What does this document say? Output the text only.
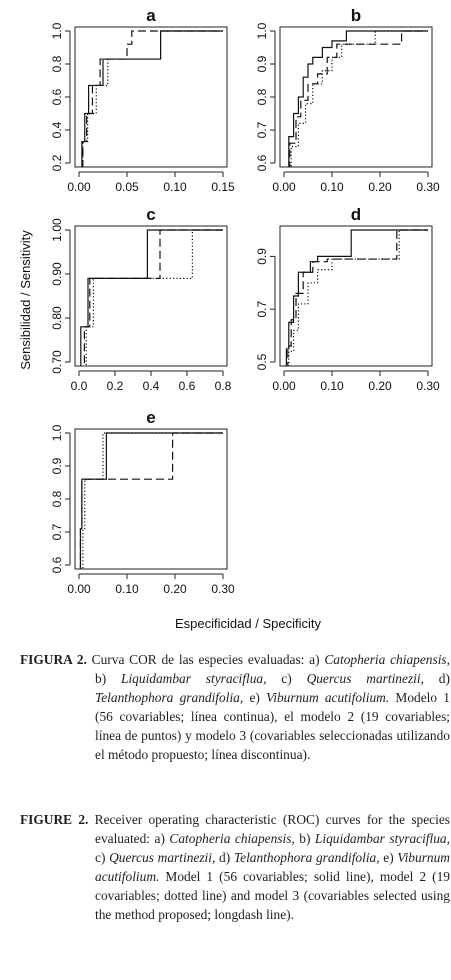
a
0.00 0.05 0.10 0.15
0.2
0.4
0.6
0.8
1.0
b
0.00 0.10 0.20 0.30
0.6
0.7
0.8
0.9
1.0
c
0.0 0.2 0.4 0.6 0.8
0.70
0.80
0.90
1.00
d
0.00 0.10 0.20 0.30
0.5
0.7
0.9
e
0.00 0.10 0.20 0.30
0.6
0.7
0.8
0.9
1.0
Sensibilidad / Sensitivity
Especificidad / Specificity

FIGURA 2. Curva COR de las especies evaluadas: a) Catopheria chiapensis, b) Liquidambar styraciflua, c) Quercus martinezii, d) Telanthophora grandifolia, e) Viburnum acutifolium. Modelo 1 (56 covariables; línea continua), el modelo 2 (19 covariables; línea de puntos) y modelo 3 (covariables seleccionadas utilizando el método propuesto; línea discontinua).

FIGURE 2. Receiver operating characteristic (ROC) curves for the species evaluated: a) Catopheria chiapensis, b) Liquidambar styraciflua, c) Quercus martinezii, d) Telanthophora grandifolia, e) Viburnum acutifolium. Model 1 (56 covariables; solid line), model 2 (19 covariables; dotted line) and model 3 (covariables selected using the method proposed; longdash line).
